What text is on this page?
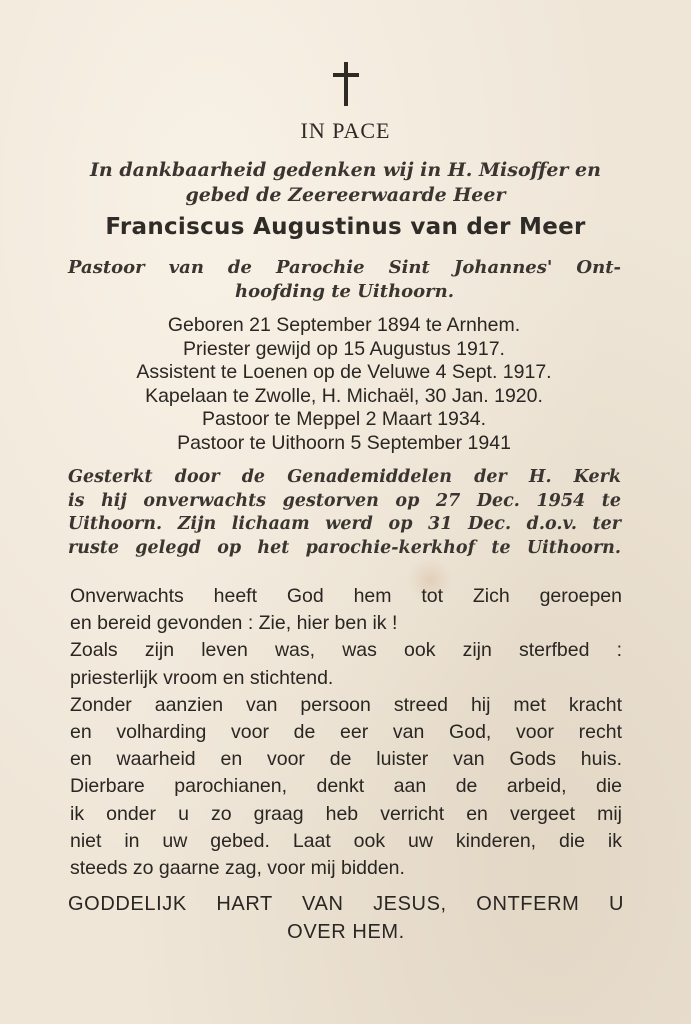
IN PACE
In dankbaarheid gedenken wij in H. Misoffer en
gebed de Zeereerwaarde Heer
Franciscus Augustinus van der Meer
Pastoor van de Parochie Sint Johannes' Ont-
hoofding te Uithoorn.
Geboren 21 September 1894 te Arnhem.
Priester gewijd op 15 Augustus 1917.
Assistent te Loenen op de Veluwe 4 Sept. 1917.
Kapelaan te Zwolle, H. Michaël, 30 Jan. 1920.
Pastoor te Meppel 2 Maart 1934.
Pastoor te Uithoorn 5 September 1941
Gesterkt door de Genademiddelen der H. Kerk
is hij onverwachts gestorven op 27 Dec. 1954 te
Uithoorn. Zijn lichaam werd op 31 Dec. d.o.v. ter
ruste gelegd op het parochie-kerkhof te Uithoorn.
Onverwachts heeft God hem tot Zich geroepen
en bereid gevonden : Zie, hier ben ik !
Zoals zijn leven was, was ook zijn sterfbed :
priesterlijk vroom en stichtend.
Zonder aanzien van persoon streed hij met kracht
en volharding voor de eer van God, voor recht
en waarheid en voor de luister van Gods huis.
Dierbare parochianen, denkt aan de arbeid, die
ik onder u zo graag heb verricht en vergeet mij
niet in uw gebed. Laat ook uw kinderen, die ik
steeds zo gaarne zag, voor mij bidden.
GODDELIJK HART VAN JESUS, ONTFERM U
OVER HEM.
